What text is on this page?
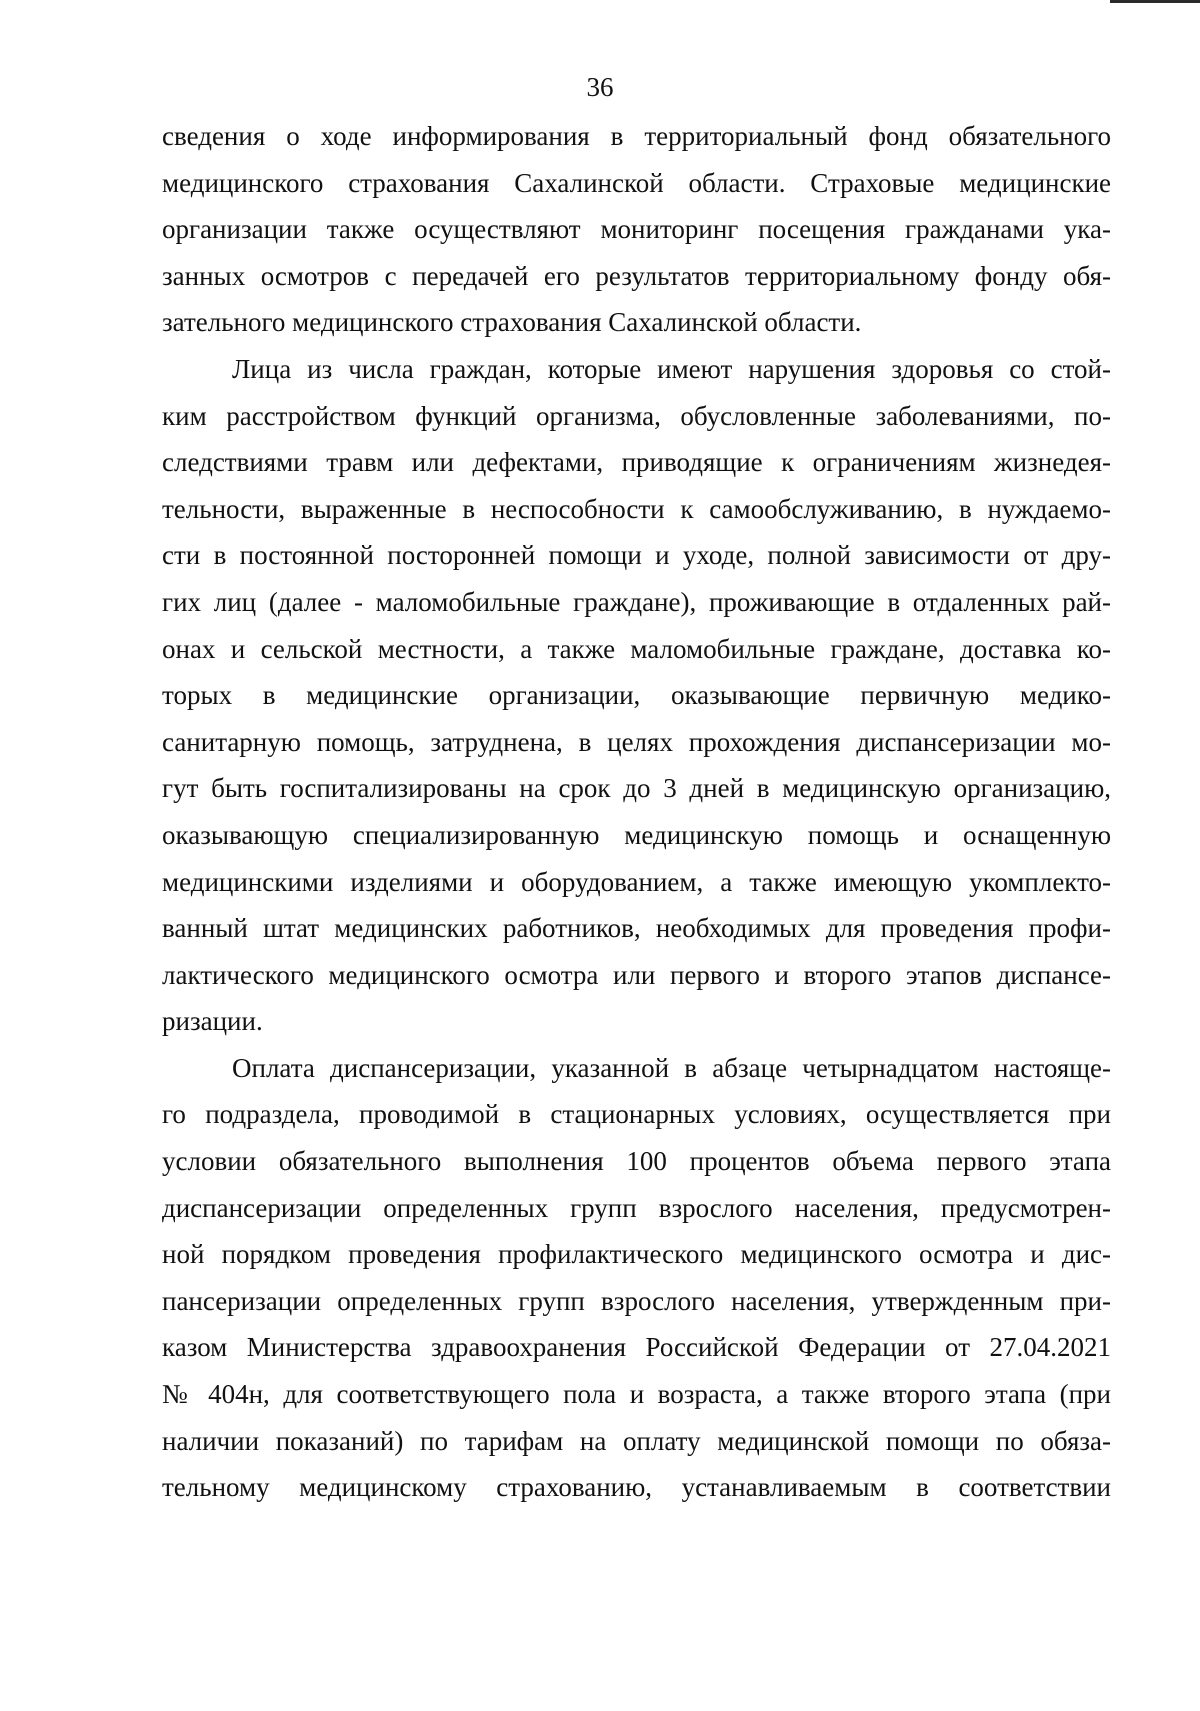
36
сведения о ходе информирования в территориальный фонд обязательного
медицинского страхования Сахалинской области. Страховые медицинские
организации также осуществляют мониторинг посещения гражданами ука-
занных осмотров с передачей его результатов территориальному фонду обя-
зательного медицинского страхования Сахалинской области.
Лица из числа граждан, которые имеют нарушения здоровья со стой-
ким расстройством функций организма, обусловленные заболеваниями, по-
следствиями травм или дефектами, приводящие к ограничениям жизнедея-
тельности, выраженные в неспособности к самообслуживанию, в нуждаемо-
сти в постоянной посторонней помощи и уходе, полной зависимости от дру-
гих лиц (далее - маломобильные граждане), проживающие в отдаленных рай-
онах и сельской местности, а также маломобильные граждане, доставка ко-
торых в медицинские организации, оказывающие первичную медико-
санитарную помощь, затруднена, в целях прохождения диспансеризации мо-
гут быть госпитализированы на срок до 3 дней в медицинскую организацию,
оказывающую специализированную медицинскую помощь и оснащенную
медицинскими изделиями и оборудованием, а также имеющую укомплекто-
ванный штат медицинских работников, необходимых для проведения профи-
лактического медицинского осмотра или первого и второго этапов диспансе-
ризации.
Оплата диспансеризации, указанной в абзаце четырнадцатом настояще-
го подраздела, проводимой в стационарных условиях, осуществляется при
условии обязательного выполнения 100 процентов объема первого этапа
диспансеризации определенных групп взрослого населения, предусмотрен-
ной порядком проведения профилактического медицинского осмотра и дис-
пансеризации определенных групп взрослого населения, утвержденным при-
казом Министерства здравоохранения Российской Федерации от 27.04.2021
№ 404н, для соответствующего пола и возраста, а также второго этапа (при
наличии показаний) по тарифам на оплату медицинской помощи по обяза-
тельному медицинскому страхованию, устанавливаемым в соответствии
